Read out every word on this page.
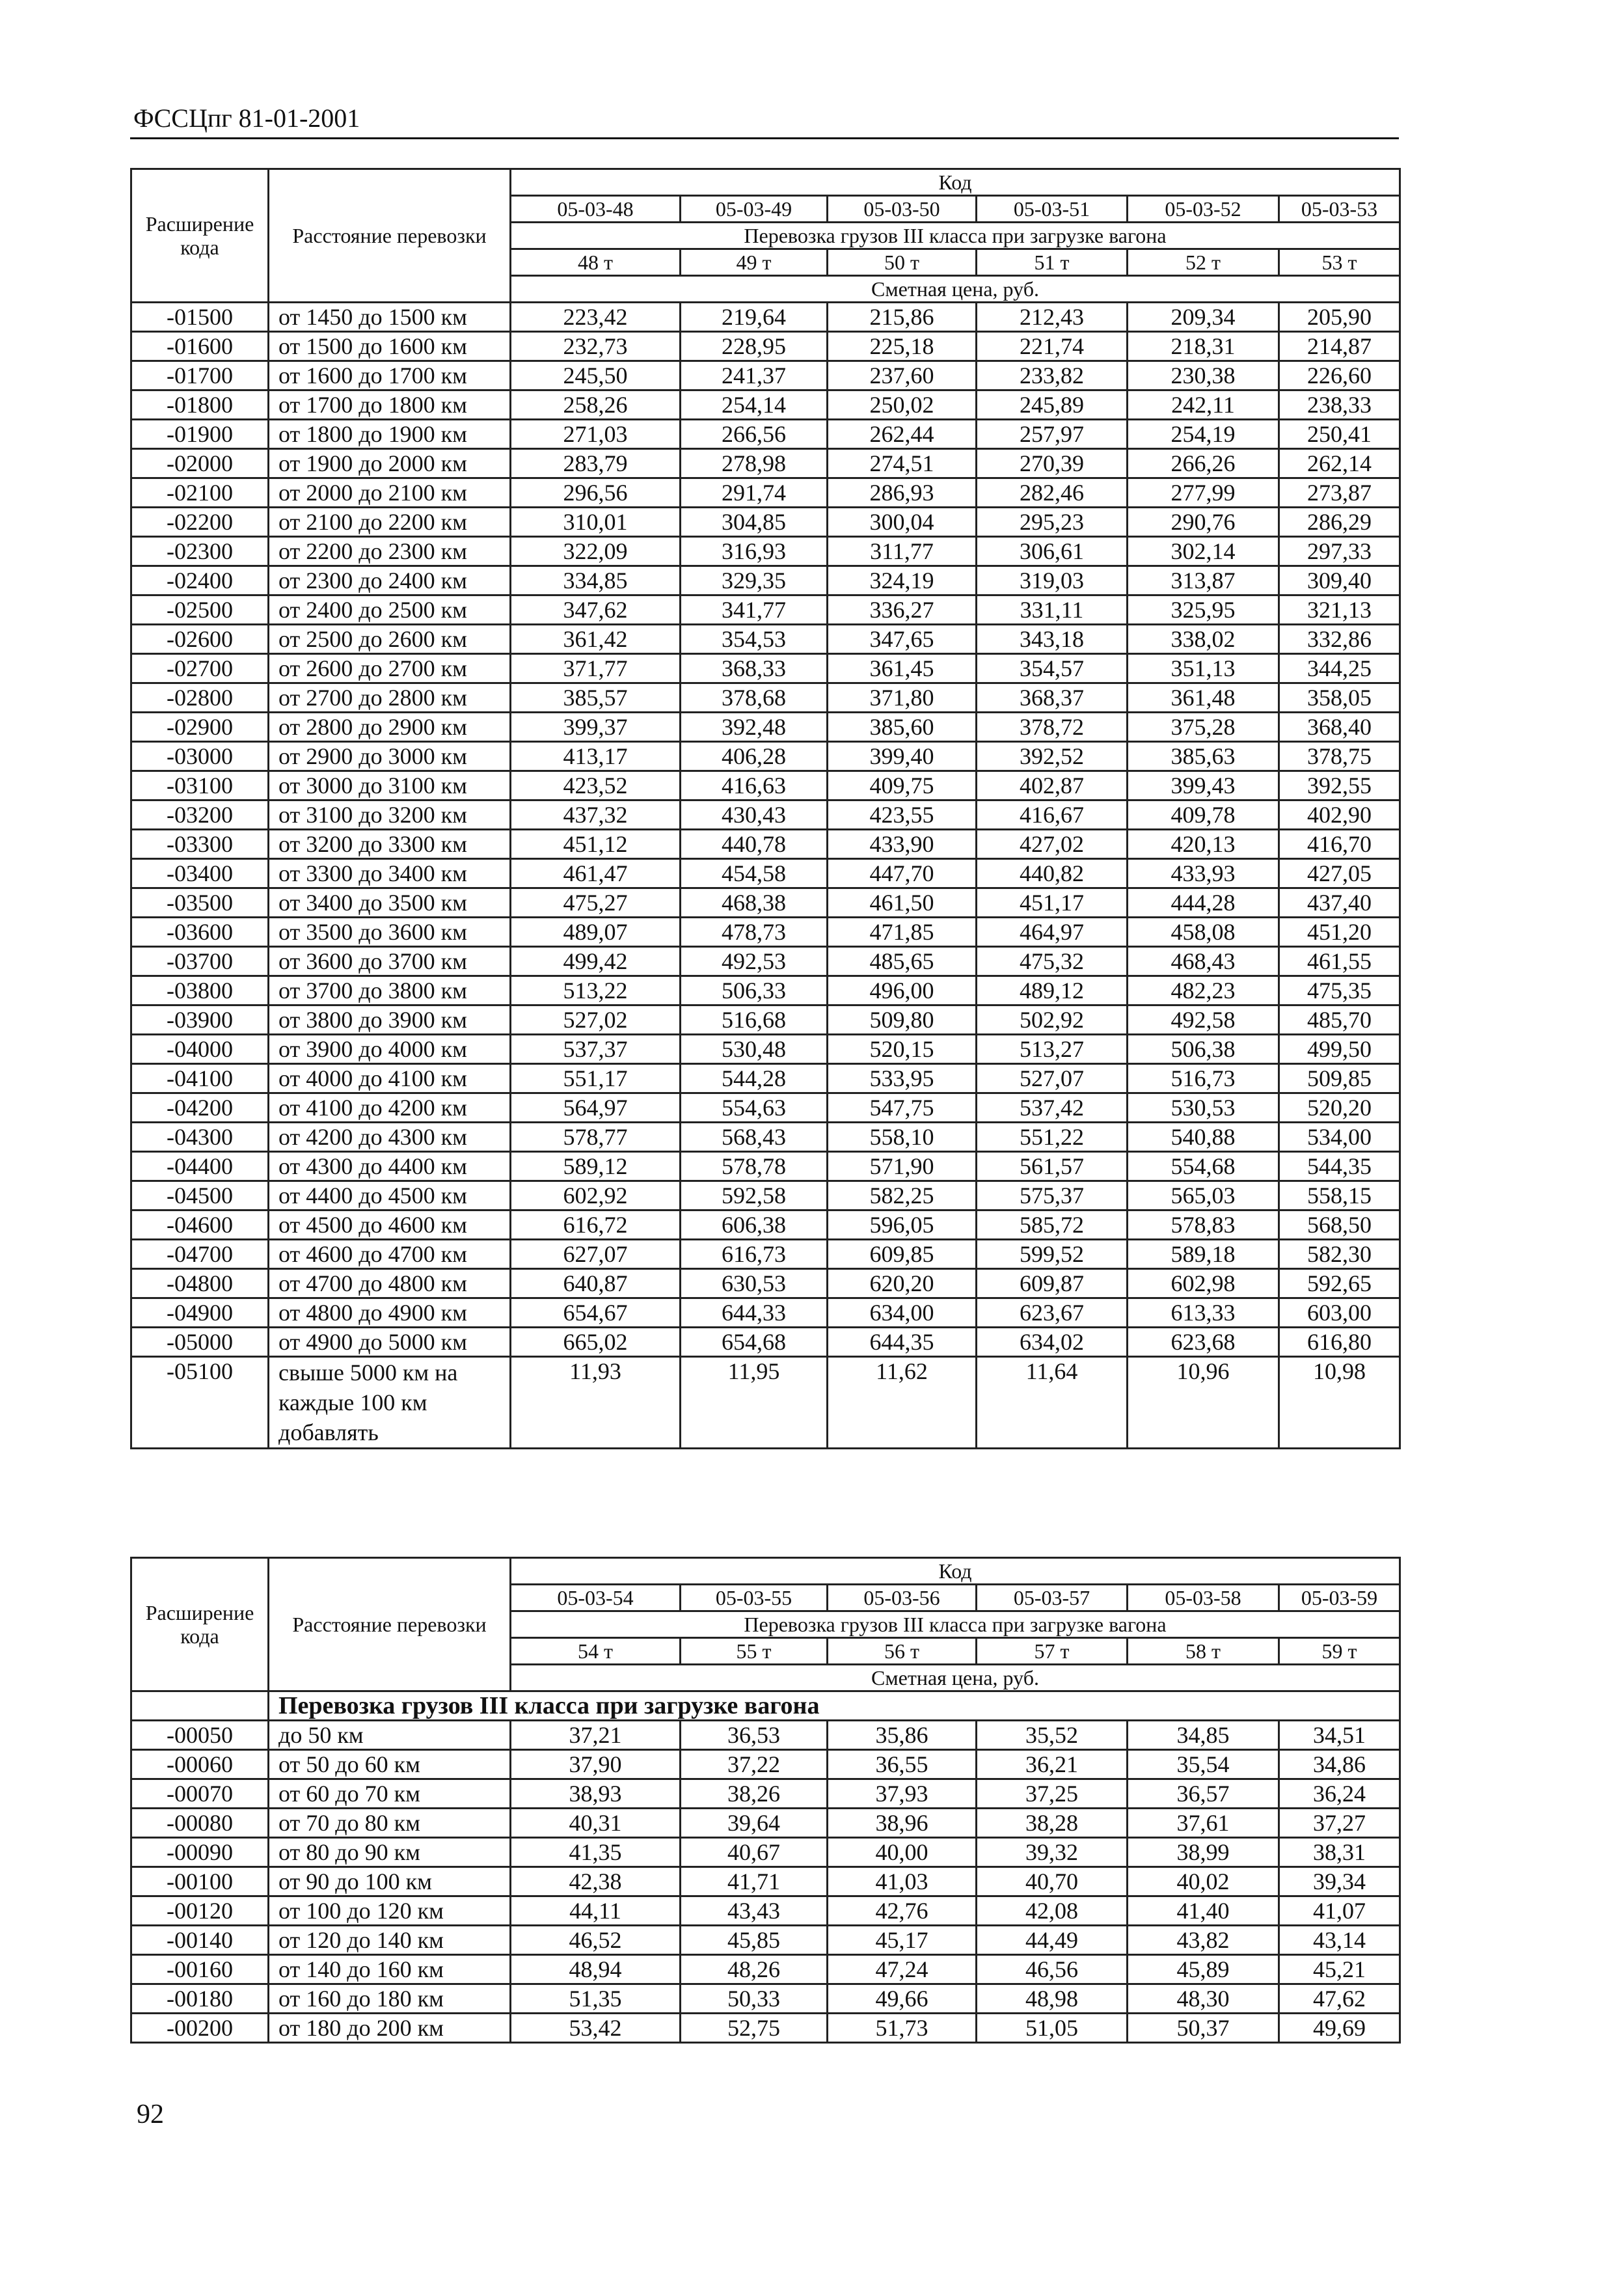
ФССЦпг 81-01-2001
Расширение кода	Расстояние перевозки	Код					
		05-03-48	05-03-49	05-03-50	05-03-51	05-03-52	05-03-53
		Перевозка грузов III класса при загрузке вагона					
		48 т	49 т	50 т	51 т	52 т	53 т
		Сметная цена, руб.					
-01500	от 1450 до 1500 км	223,42	219,64	215,86	212,43	209,34	205,90
-01600	от 1500 до 1600 км	232,73	228,95	225,18	221,74	218,31	214,87
-01700	от 1600 до 1700 км	245,50	241,37	237,60	233,82	230,38	226,60
-01800	от 1700 до 1800 км	258,26	254,14	250,02	245,89	242,11	238,33
-01900	от 1800 до 1900 км	271,03	266,56	262,44	257,97	254,19	250,41
-02000	от 1900 до 2000 км	283,79	278,98	274,51	270,39	266,26	262,14
-02100	от 2000 до 2100 км	296,56	291,74	286,93	282,46	277,99	273,87
-02200	от 2100 до 2200 км	310,01	304,85	300,04	295,23	290,76	286,29
-02300	от 2200 до 2300 км	322,09	316,93	311,77	306,61	302,14	297,33
-02400	от 2300 до 2400 км	334,85	329,35	324,19	319,03	313,87	309,40
-02500	от 2400 до 2500 км	347,62	341,77	336,27	331,11	325,95	321,13
-02600	от 2500 до 2600 км	361,42	354,53	347,65	343,18	338,02	332,86
-02700	от 2600 до 2700 км	371,77	368,33	361,45	354,57	351,13	344,25
-02800	от 2700 до 2800 км	385,57	378,68	371,80	368,37	361,48	358,05
-02900	от 2800 до 2900 км	399,37	392,48	385,60	378,72	375,28	368,40
-03000	от 2900 до 3000 км	413,17	406,28	399,40	392,52	385,63	378,75
-03100	от 3000 до 3100 км	423,52	416,63	409,75	402,87	399,43	392,55
-03200	от 3100 до 3200 км	437,32	430,43	423,55	416,67	409,78	402,90
-03300	от 3200 до 3300 км	451,12	440,78	433,90	427,02	420,13	416,70
-03400	от 3300 до 3400 км	461,47	454,58	447,70	440,82	433,93	427,05
-03500	от 3400 до 3500 км	475,27	468,38	461,50	451,17	444,28	437,40
-03600	от 3500 до 3600 км	489,07	478,73	471,85	464,97	458,08	451,20
-03700	от 3600 до 3700 км	499,42	492,53	485,65	475,32	468,43	461,55
-03800	от 3700 до 3800 км	513,22	506,33	496,00	489,12	482,23	475,35
-03900	от 3800 до 3900 км	527,02	516,68	509,80	502,92	492,58	485,70
-04000	от 3900 до 4000 км	537,37	530,48	520,15	513,27	506,38	499,50
-04100	от 4000 до 4100 км	551,17	544,28	533,95	527,07	516,73	509,85
-04200	от 4100 до 4200 км	564,97	554,63	547,75	537,42	530,53	520,20
-04300	от 4200 до 4300 км	578,77	568,43	558,10	551,22	540,88	534,00
-04400	от 4300 до 4400 км	589,12	578,78	571,90	561,57	554,68	544,35
-04500	от 4400 до 4500 км	602,92	592,58	582,25	575,37	565,03	558,15
-04600	от 4500 до 4600 км	616,72	606,38	596,05	585,72	578,83	568,50
-04700	от 4600 до 4700 км	627,07	616,73	609,85	599,52	589,18	582,30
-04800	от 4700 до 4800 км	640,87	630,53	620,20	609,87	602,98	592,65
-04900	от 4800 до 4900 км	654,67	644,33	634,00	623,67	613,33	603,00
-05000	от 4900 до 5000 км	665,02	654,68	644,35	634,02	623,68	616,80
-05100	свыше 5000 км на каждые 100 км добавлять	11,93	11,95	11,62	11,64	10,96	10,98
Расширение кода	Расстояние перевозки	Код					
		05-03-54	05-03-55	05-03-56	05-03-57	05-03-58	05-03-59
		Перевозка грузов III класса при загрузке вагона					
		54 т	55 т	56 т	57 т	58 т	59 т
		Сметная цена, руб.					
	Перевозка грузов III класса при загрузке вагона						
-00050	до 50 км	37,21	36,53	35,86	35,52	34,85	34,51
-00060	от 50 до 60 км	37,90	37,22	36,55	36,21	35,54	34,86
-00070	от 60 до 70 км	38,93	38,26	37,93	37,25	36,57	36,24
-00080	от 70 до 80 км	40,31	39,64	38,96	38,28	37,61	37,27
-00090	от 80 до 90 км	41,35	40,67	40,00	39,32	38,99	38,31
-00100	от 90 до 100 км	42,38	41,71	41,03	40,70	40,02	39,34
-00120	от 100 до 120 км	44,11	43,43	42,76	42,08	41,40	41,07
-00140	от 120 до 140 км	46,52	45,85	45,17	44,49	43,82	43,14
-00160	от 140 до 160 км	48,94	48,26	47,24	46,56	45,89	45,21
-00180	от 160 до 180 км	51,35	50,33	49,66	48,98	48,30	47,62
-00200	от 180 до 200 км	53,42	52,75	51,73	51,05	50,37	49,69
92
